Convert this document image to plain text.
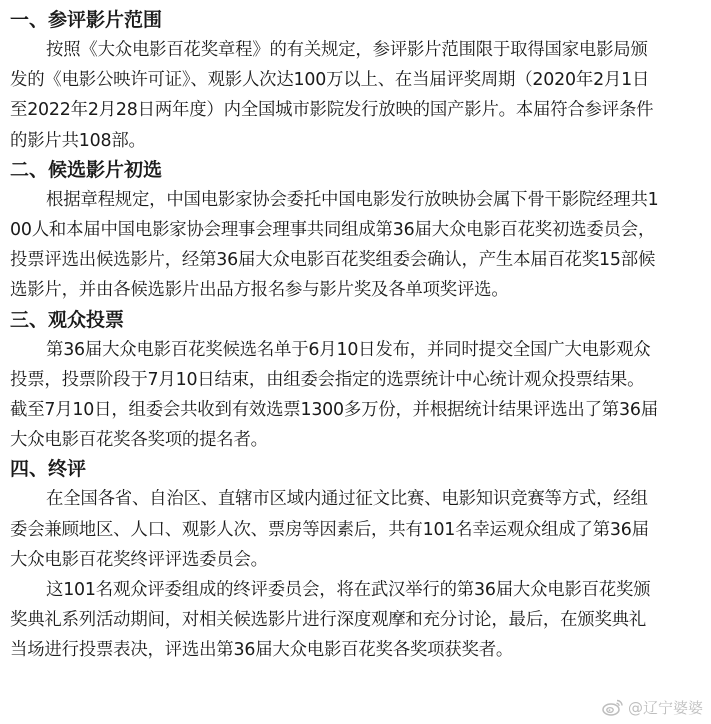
一、参评影片范围

按照《大众电影百花奖章程》的有关规定，参评影片范围限于取得国家电影局颁
发的《电影公映许可证》、观影人次达100万以上、在当届评奖周期（2020年2月1日
至2022年2月28日两年度）内全国城市影院发行放映的国产影片。本届符合参评条件
的影片共108部。

二、候选影片初选

根据章程规定，中国电影家协会委托中国电影发行放映协会属下骨干影院经理共1
00人和本届中国电影家协会理事会理事共同组成第36届大众电影百花奖初选委员会，
投票评选出候选影片，经第36届大众电影百花奖组委会确认，产生本届百花奖15部候
选影片，并由各候选影片出品方报名参与影片奖及各单项奖评选。

三、观众投票

第36届大众电影百花奖候选名单于6月10日发布，并同时提交全国广大电影观众
投票，投票阶段于7月10日结束，由组委会指定的选票统计中心统计观众投票结果。
截至7月10日，组委会共收到有效选票1300多万份，并根据统计结果评选出了第36届
大众电影百花奖各奖项的提名者。

四、终评

在全国各省、自治区、直辖市区域内通过征文比赛、电影知识竞赛等方式，经组
委会兼顾地区、人口、观影人次、票房等因素后，共有101名幸运观众组成了第36届
大众电影百花奖终评评选委员会。

这101名观众评委组成的终评委员会，将在武汉举行的第36届大众电影百花奖颁
奖典礼系列活动期间，对相关候选影片进行深度观摩和充分讨论，最后，在颁奖典礼
当场进行投票表决，评选出第36届大众电影百花奖各奖项获奖者。

@辽宁婆婆
